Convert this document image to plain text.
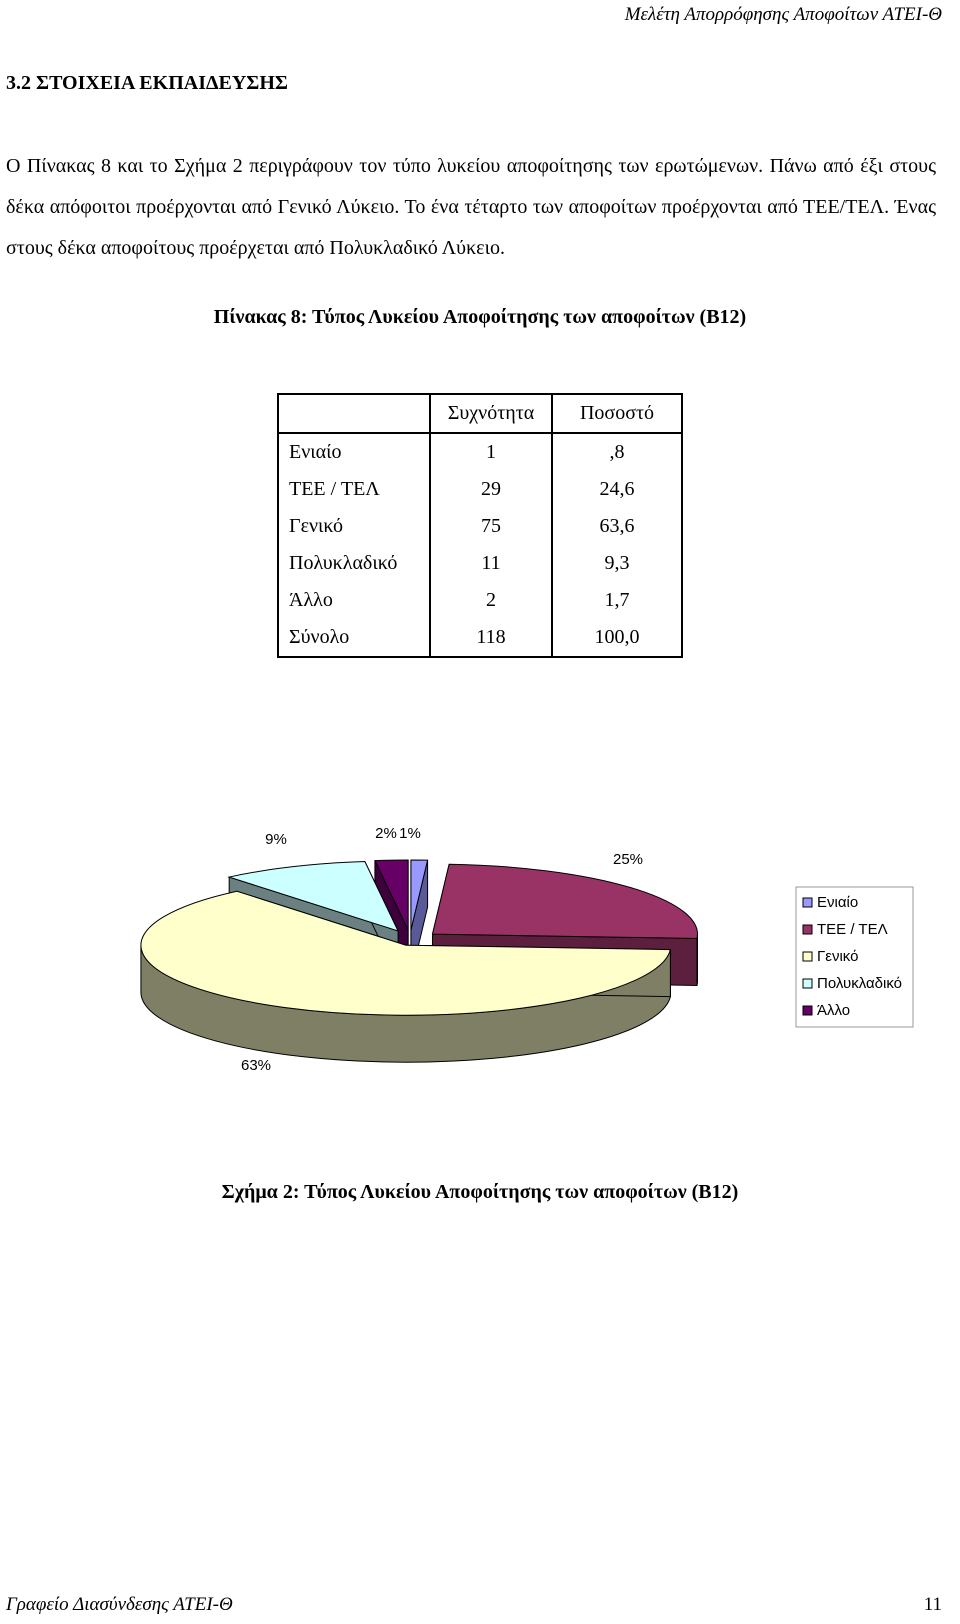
Μελέτη Απορρόφησης Αποφοίτων ΑΤΕΙ-Θ
3.2 ΣΤΟΙΧΕΙΑ ΕΚΠΑΙΔΕΥΣΗΣ
Ο Πίνακας 8 και το Σχήμα 2 περιγράφουν τον τύπο λυκείου αποφοίτησης των ερωτώμενων. Πάνω από έξι στους δέκα απόφοιτοι προέρχονται από Γενικό Λύκειο. Το ένα τέταρτο των αποφοίτων προέρχονται από ΤΕΕ/ΤΕΛ. Ένας στους δέκα αποφοίτους προέρχεται από Πολυκλαδικό Λύκειο.
Πίνακας 8: Τύπος Λυκείου Αποφοίτησης των αποφοίτων (Β12)
	Συχνότητα	Ποσοστό
Ενιαίο	1	,8
ΤΕΕ / ΤΕΛ	29	24,6
Γενικό	75	63,6
Πολυκλαδικό	11	9,3
Άλλο	2	1,7
Σύνολο	118	100,0
1%
25%
63%
9%	2%
Ενιαίο
ΤΕΕ / ΤΕΛ
Γενικό
Πολυκλαδικό
Άλλο
Σχήμα 2: Τύπος Λυκείου Αποφοίτησης των αποφοίτων (Β12)
Γραφείο Διασύνδεσης ΑΤΕΙ-Θ	11
